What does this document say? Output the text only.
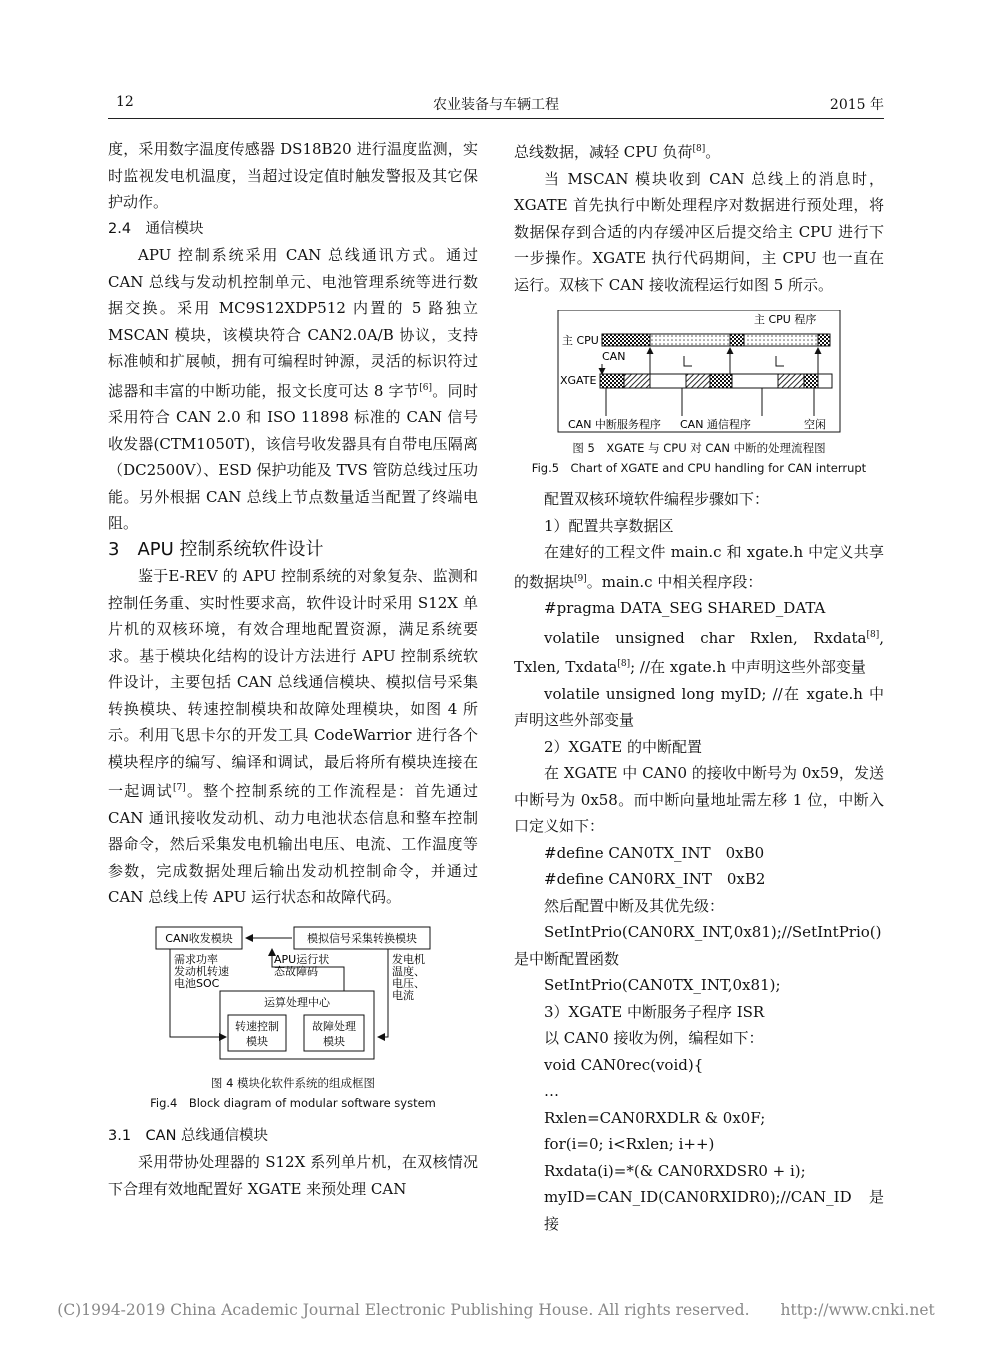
12	农业装备与车辆工程	2015 年

度，采用数字温度传感器 DS18B20 进行温度监测，实时监视发电机温度，当超过设定值时触发警报及其它保护动作。

2.4　通信模块

APU 控制系统采用 CAN 总线通讯方式。通过 CAN 总线与发动机控制单元、电池管理系统等进行数据交换。采用 MC9S12XDP512 内置的 5 路独立 MSCAN 模块，该模块符合 CAN2.0A/B 协议，支持标准帧和扩展帧，拥有可编程时钟源，灵活的标识符过滤器和丰富的中断功能，报文长度可达 8 字节[6]。同时采用符合 CAN 2.0 和 ISO 11898 标准的 CAN 信号收发器(CTM1050T)，该信号收发器具有自带电压隔离（DC2500V）、ESD 保护功能及 TVS 管防总线过压功能。另外根据 CAN 总线上节点数量适当配置了终端电阻。

3　APU 控制系统软件设计

鉴于E-REV 的 APU 控制系统的对象复杂、监测和控制任务重、实时性要求高，软件设计时采用 S12X 单片机的双核环境，有效合理地配置资源，满足系统要求。基于模块化结构的设计方法进行 APU 控制系统软件设计，主要包括 CAN 总线通信模块、模拟信号采集转换模块、转速控制模块和故障处理模块，如图 4 所示。利用飞思卡尔的开发工具 CodeWarrior 进行各个模块程序的编写、编译和调试，最后将所有模块连接在一起调试[7]。整个控制系统的工作流程是：首先通过 CAN 通讯接收发动机、动力电池状态信息和整车控制器命令，然后采集发电机输出电压、电流、工作温度等参数，完成数据处理后输出发动机控制命令，并通过 CAN 总线上传 APU 运行状态和故障代码。

CAN收发模块	模拟信号采集转换模块
运算处理中心
转速控制
模块
故障处理
模块
需求功率
发动机转速
电池SOC
APU运行状
态故障码
发电机
温度、
电压、
电流
图 4 模块化软件系统的组成框图
Fig.4　Block diagram of modular software system

3.1　CAN 总线通信模块

采用带协处理器的 S12X 系列单片机，在双核情况下合理有效地配置好 XGATE 来预处理 CAN

总线数据，减轻 CPU 负荷[8]。

当 MSCAN 模块收到 CAN 总线上的消息时，XGATE 首先执行中断处理程序对数据进行预处理，将数据保存到合适的内存缓冲区后提交给主 CPU 进行下一步操作。XGATE 执行代码期间，主 CPU 也一直在运行。双核下 CAN 接收流程运行如图 5 所示。

主 CPU 程序
主 CPU
CAN
XGATE
CAN 中断服务程序 CAN 通信程序	空闲
图 5　XGATE 与 CPU 对 CAN 中断的处理流程图
Fig.5　Chart of XGATE and CPU handling for CAN interrupt

配置双核环境软件编程步骤如下：

1）配置共享数据区

在建好的工程文件 main.c 和 xgate.h 中定义共享的数据块[9]。main.c 中相关程序段：

#pragma DATA_SEG SHARED_DATA

volatile unsigned char Rxlen, Rxdata[8], Txlen, Txdata[8]; //在 xgate.h 中声明这些外部变量

volatile unsigned long myID; //在 xgate.h 中声明这些外部变量

2）XGATE 的中断配置

在 XGATE 中 CAN0 的接收中断号为 0x59，发送中断号为 0x58。而中断向量地址需左移 1 位，中断入口定义如下：

#define CAN0TX_INT　0xB0

#define CAN0RX_INT　0xB2

然后配置中断及其优先级：

SetIntPrio(CAN0RX_INT,0x81);//SetIntPrio()是中断配置函数

SetIntPrio(CAN0TX_INT,0x81);

3）XGATE 中断服务子程序 ISR

以 CAN0 接收为例，编程如下：

void CAN0rec(void){

…

Rxlen=CAN0RXDLR & 0x0F;

for(i=0; i<Rxlen; i++)

Rxdata(i)=*(& CAN0RXDSR0 + i);

myID=CAN_ID(CAN0RXIDR0);//CAN_ID 是接

(C)1994-2019 China Academic Journal Electronic Publishing House. All rights reserved.　　http://www.cnki.net
